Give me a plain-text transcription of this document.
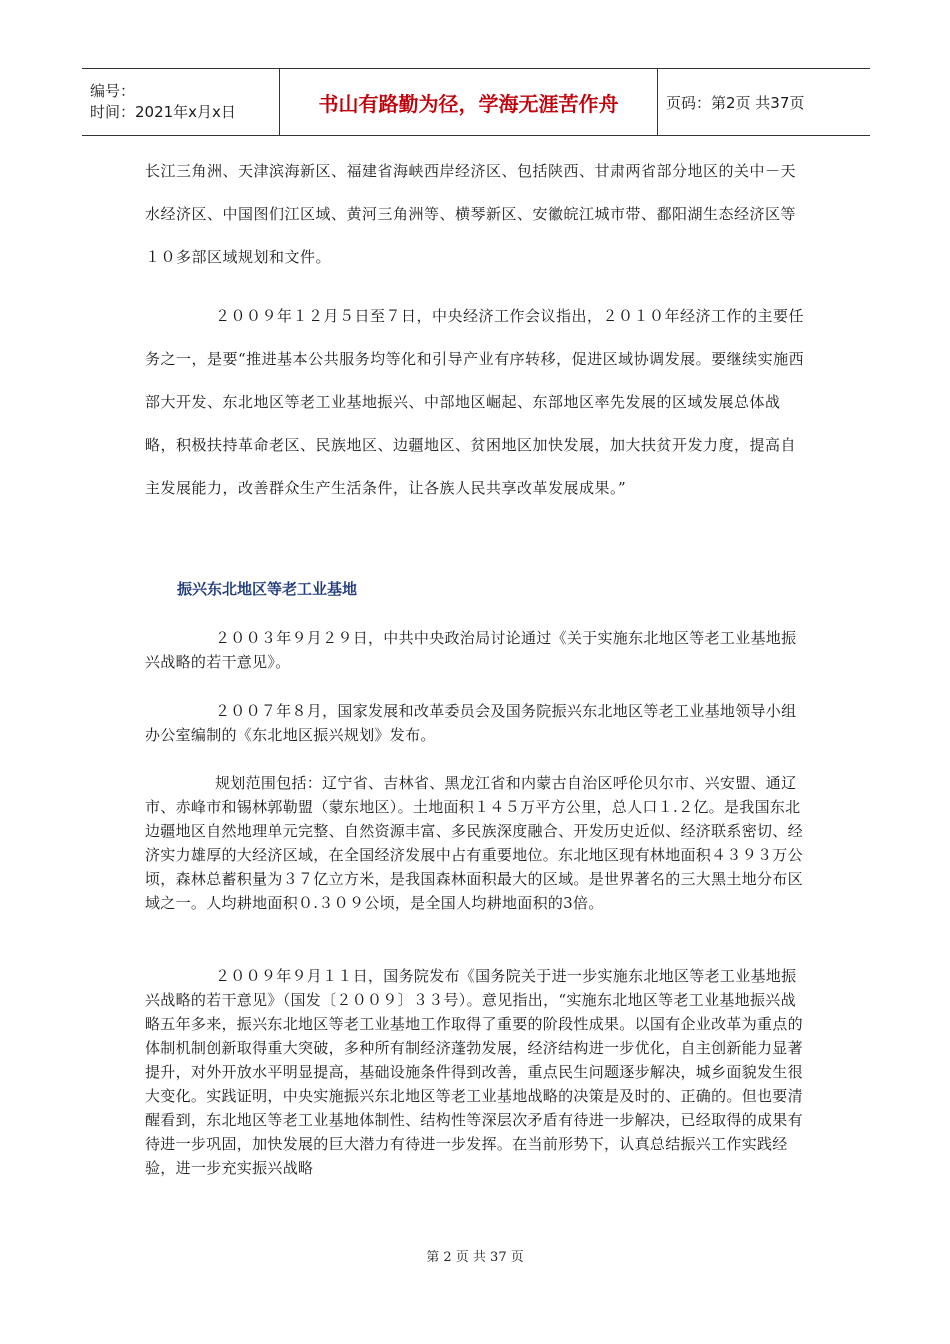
编号：
时间：2021年x月x日	书山有路勤为径，学海无涯苦作舟	页码：第2页 共37页

长江三角洲、天津滨海新区、福建省海峡西岸经济区、包括陕西、甘肃两省部分地区的关中－天水经济区、中国图们江区域、黄河三角洲等、横琴新区、安徽皖江城市带、鄱阳湖生态经济区等１０多部区域规划和文件。

２００９年１２月５日至７日，中央经济工作会议指出，２０１０年经济工作的主要任务之一，是要“推进基本公共服务均等化和引导产业有序转移，促进区域协调发展。要继续实施西部大开发、东北地区等老工业基地振兴、中部地区崛起、东部地区率先发展的区域发展总体战略，积极扶持革命老区、民族地区、边疆地区、贫困地区加快发展，加大扶贫开发力度，提高自主发展能力，改善群众生产生活条件，让各族人民共享改革发展成果。”

振兴东北地区等老工业基地

２００３年９月２９日，中共中央政治局讨论通过《关于实施东北地区等老工业基地振兴战略的若干意见》。

２００７年８月，国家发展和改革委员会及国务院振兴东北地区等老工业基地领导小组办公室编制的《东北地区振兴规划》发布。

规划范围包括：辽宁省、吉林省、黑龙江省和内蒙古自治区呼伦贝尔市、兴安盟、通辽市、赤峰市和锡林郭勒盟（蒙东地区）。土地面积１４５万平方公里，总人口１.２亿。是我国东北边疆地区自然地理单元完整、自然资源丰富、多民族深度融合、开发历史近似、经济联系密切、经济实力雄厚的大经济区域，在全国经济发展中占有重要地位。东北地区现有林地面积４３９３万公顷，森林总蓄积量为３７亿立方米，是我国森林面积最大的区域。是世界著名的三大黑土地分布区域之一。人均耕地面积０.３０９公顷，是全国人均耕地面积的3倍。

２００９年９月１１日，国务院发布《国务院关于进一步实施东北地区等老工业基地振兴战略的若干意见》（国发〔２００９〕３３号）。意见指出，“实施东北地区等老工业基地振兴战略五年多来，振兴东北地区等老工业基地工作取得了重要的阶段性成果。以国有企业改革为重点的体制机制创新取得重大突破，多种所有制经济蓬勃发展，经济结构进一步优化，自主创新能力显著提升，对外开放水平明显提高，基础设施条件得到改善，重点民生问题逐步解决，城乡面貌发生很大变化。实践证明，中央实施振兴东北地区等老工业基地战略的决策是及时的、正确的。但也要清醒看到，东北地区等老工业基地体制性、结构性等深层次矛盾有待进一步解决，已经取得的成果有待进一步巩固，加快发展的巨大潜力有待进一步发挥。在当前形势下，认真总结振兴工作实践经验，进一步充实振兴战略

第 2 页 共 37 页
